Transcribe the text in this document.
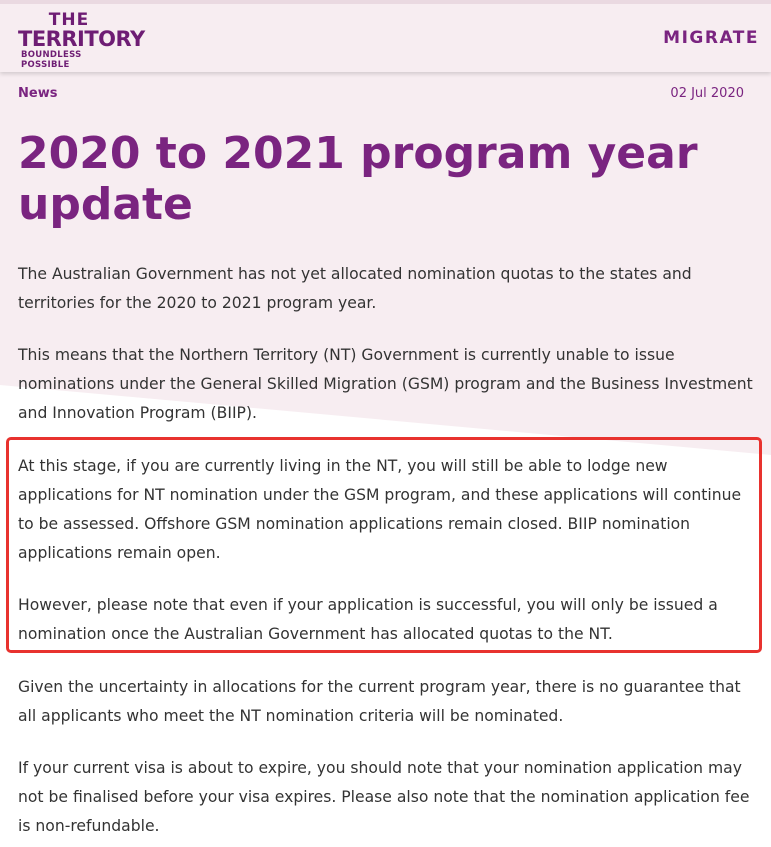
THE
TERRITORY
BOUNDLESS POSSIBLE
MIGRATE
News	02 Jul 2020
2020 to 2021 program year update

The Australian Government has not yet allocated nomination quotas to the states and territories for the 2020 to 2021 program year.

This means that the Northern Territory (NT) Government is currently unable to issue nominations under the General Skilled Migration (GSM) program and the Business Investment and Innovation Program (BIIP).

At this stage, if you are currently living in the NT, you will still be able to lodge new applications for NT nomination under the GSM program, and these applications will continue to be assessed. Offshore GSM nomination applications remain closed. BIIP nomination applications remain open.

However, please note that even if your application is successful, you will only be issued a nomination once the Australian Government has allocated quotas to the NT.

Given the uncertainty in allocations for the current program year, there is no guarantee that all applicants who meet the NT nomination criteria will be nominated.

If your current visa is about to expire, you should note that your nomination application may not be finalised before your visa expires. Please also note that the nomination application fee is non-refundable.
